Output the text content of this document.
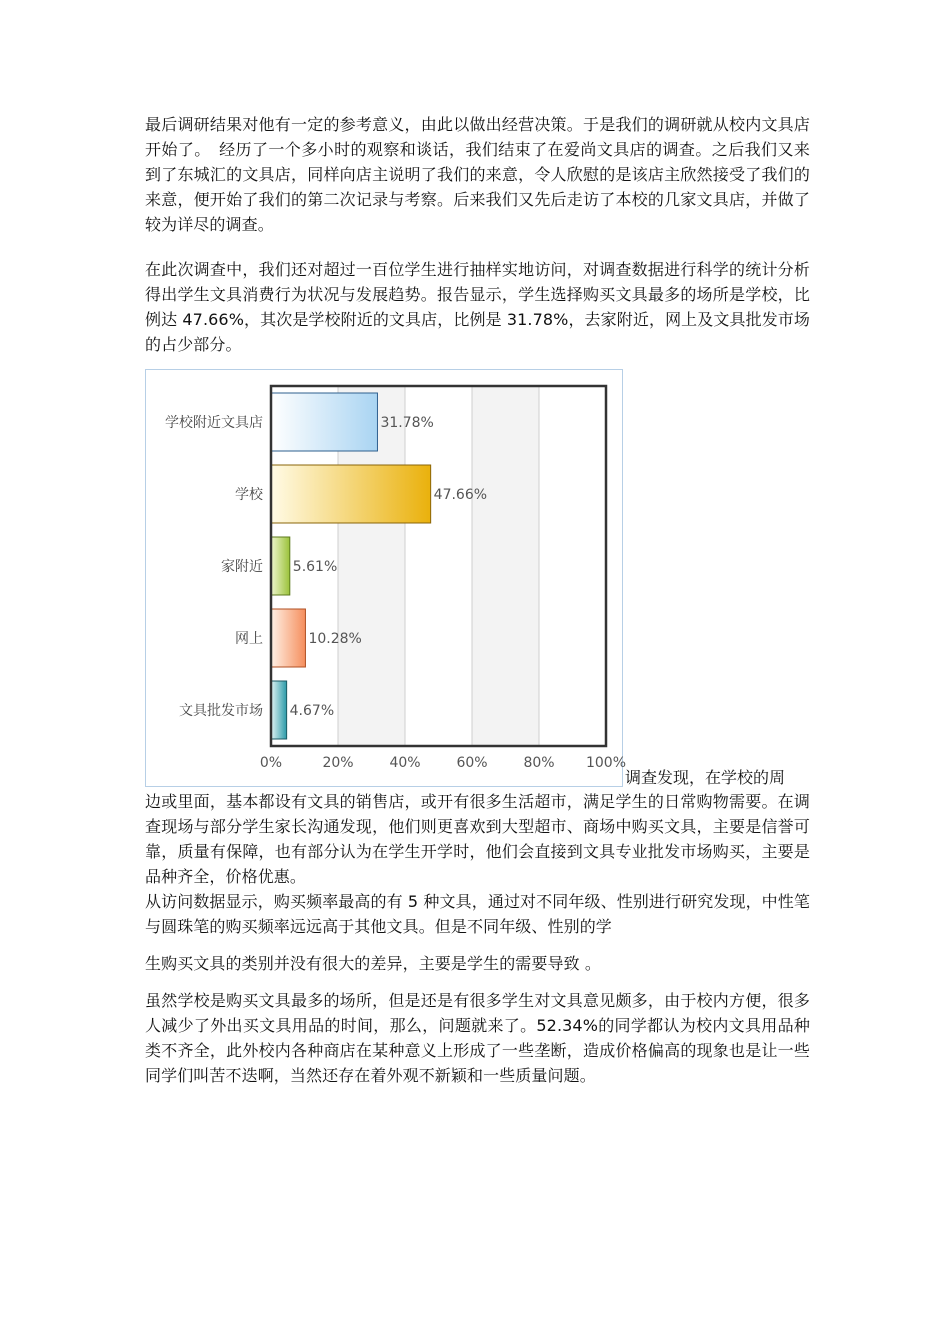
最后调研结果对他有一定的参考意义，由此以做出经营决策。于是我们的调研就从校内文具店开始了。　经历了一个多小时的观察和谈话，我们结束了在爱尚文具店的调查。之后我们又来到了东城汇的文具店，同样向店主说明了我们的来意，令人欣慰的是该店主欣然接受了我们的来意，便开始了我们的第二次记录与考察。后来我们又先后走访了本校的几家文具店，并做了较为详尽的调查。

在此次调查中，我们还对超过一百位学生进行抽样实地访问，对调查数据进行科学的统计分析得出学生文具消费行为状况与发展趋势。报告显示，学生选择购买文具最多的场所是学校，比例达 47.66%，其次是学校附近的文具店，比例是 31.78%，去家附近，网上及文具批发市场的占少部分。

31.78%
学校附近文具店
47.66%
学校
5.61%
家附近
10.28%
网上
4.67%
文具批发市场
0%	20%	40%	60%	80% 100%
调查发现，在学校的周

边或里面，基本都设有文具的销售店，或开有很多生活超市，满足学生的日常购物需要。在调查现场与部分学生家长沟通发现，他们则更喜欢到大型超市、商场中购买文具，主要是信誉可靠，质量有保障，也有部分认为在学生开学时，他们会直接到文具专业批发市场购买，主要是品种齐全，价格优惠。

从访问数据显示，购买频率最高的有 5 种文具，通过对不同年级、性别进行研究发现，中性笔与圆珠笔的购买频率远远高于其他文具。但是不同年级、性别的学

生购买文具的类别并没有很大的差异，主要是学生的需要导致 。

虽然学校是购买文具最多的场所，但是还是有很多学生对文具意见颇多，由于校内方便，很多人减少了外出买文具用品的时间，那么，问题就来了。52.34%的同学都认为校内文具用品种类不齐全，此外校内各种商店在某种意义上形成了一些垄断，造成价格偏高的现象也是让一些同学们叫苦不迭啊，当然还存在着外观不新颖和一些质量问题。
